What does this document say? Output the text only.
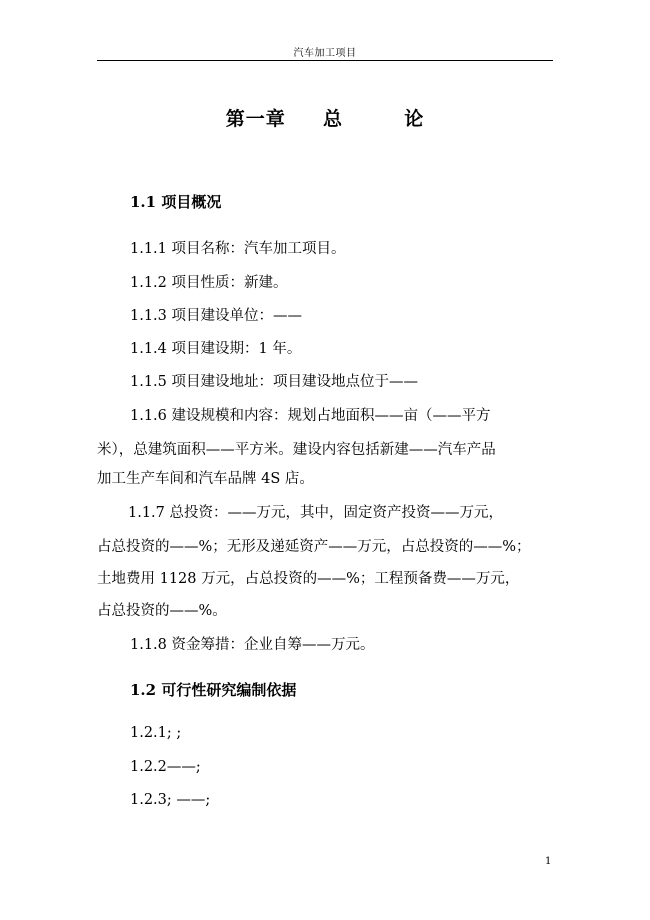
汽车加工项目
第一章 总	论
1.1 项目概况
1.1.1 项目名称：汽车加工项目。
1.1.2 项目性质：新建。
1.1.3 项目建设单位：——
1.1.4 项目建设期：1 年。
1.1.5 项目建设地址：项目建设地点位于——
1.1.6 建设规模和内容：规划占地面积——亩（——平方
米），总建筑面积——平方米。建设内容包括新建——汽车产品
加工生产车间和汽车品牌 4S 店。
1.1.7 总投资：——万元，其中，固定资产投资——万元，
占总投资的——%；无形及递延资产——万元，占总投资的——%；
土地费用 1128 万元，占总投资的——%；工程预备费——万元，
占总投资的——%。
1.1.8 资金筹措：企业自筹——万元。
1.2 可行性研究编制依据
1.2.1; ;
1.2.2——;
1.2.3; ——;
1
